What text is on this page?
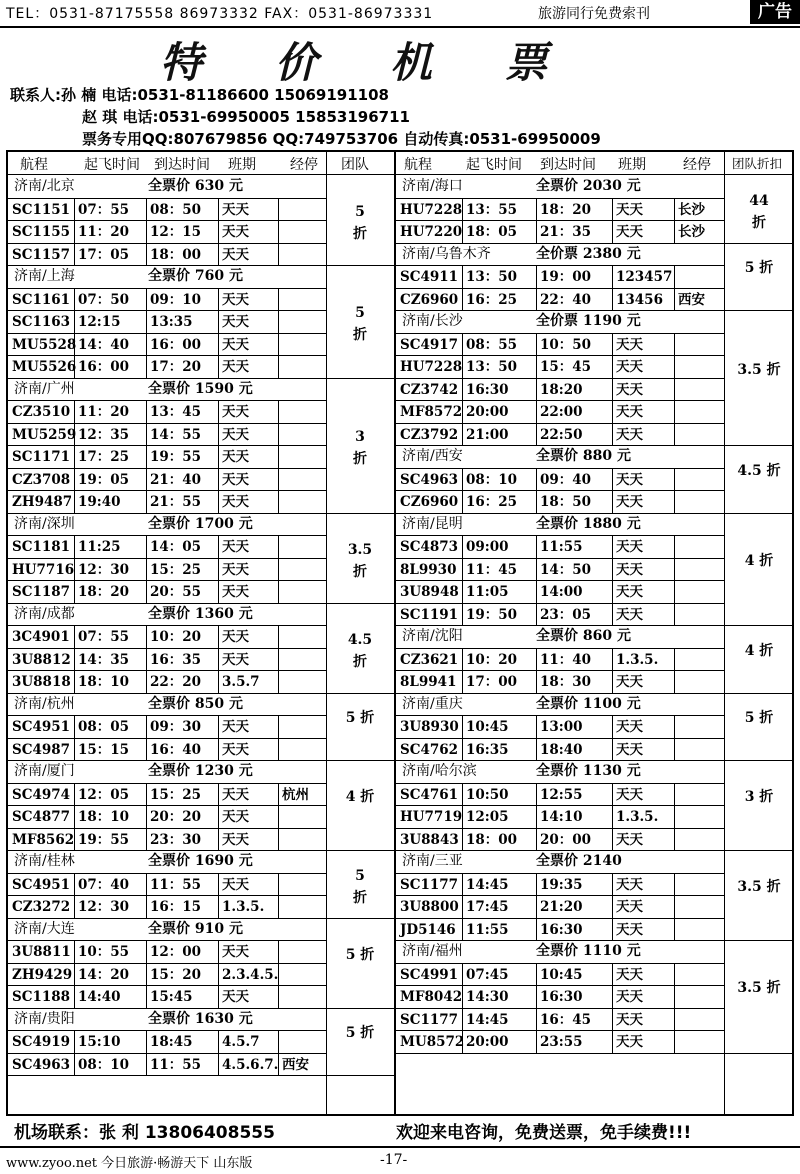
TEL：0531-87175558 86973332 FAX：0531-86973331	旅游同行免费索刊	广告
特 价 机 票
联系人:孙 楠 电话:0531-81186600 15069191108
赵 琪 电话:0531-69950005 15853196711
票务专用QQ:807679856 QQ:749753706 自动传真:0531-69950009
航程	起飞时间 到达时间 班期 经停 团队	航程 起飞时间 到达时间 班期	经停 团队折扣
济南/北京	全票价 630 元
SC1151 07：55 08：50 天天
SC1155 11：20 12：15 天天
SC1157 17：05 18：00 天天
5
折
济南/上海	全票价 760 元
SC1161 07：50 09：10 天天
SC1163 12:15 13:35 天天
MU5528 14：40 16：00 天天
MU5526 16：00 17：20 天天
5
折
济南/广州	全票价 1590 元
CZ3510 11：20 13：45 天天
MU5259 12：35 14：55 天天
SC1171 17：25 19：55 天天
CZ3708 19：05 21：40 天天
ZH9487 19:40 21：55 天天
3
折
济南/深圳	全票价 1700 元
SC1181 11:25 14：05 天天
HU7716 12：30 15：25 天天
SC1187 18：20 20：55 天天
3.5
折
济南/成都	全票价 1360 元
3C4901 07：55 10：20 天天
3U8812 14：35 16：35 天天
3U8818 18：10 22：20 3.5.7
4.5
折
济南/杭州	全票价 850 元
SC4951 08：05 09：30 天天
SC4987 15：15 16：40 天天
5 折
济南/厦门	全票价 1230 元
SC4974 12：05 15：25 天天 杭州
SC4877 18：10 20：20 天天
MF8562 19：55 23：30 天天
4 折
济南/桂林	全票价 1690 元
SC4951 07：40 11：55 天天
CZ3272 12：30 16：15 1.3.5.
5
折
济南/大连	全票价 910 元
3U8811 10：55 12：00 天天
ZH9429 14：20 15：20 2.3.4.5.
SC1188 14:40 15:45 天天
5 折
济南/贵阳	全票价 1630 元
SC4919 15:10 18:45 4.5.7
SC4963 08：10 11：55 4.5.6.7. 西安
5 折
济南/海口	全票价 2030 元
HU7228 13：55 18：20 天天	长沙
HU7220 18：05 21：35 天天	长沙
44
折
济南/乌鲁木齐	全价票 2380 元
SC4911 13：50 19：00 123457
CZ6960 16：25 22：40 13456 西安
5 折
济南/长沙	全价票 1190 元
SC4917 08：55 10：50 天天
HU7228 13：50 15：45 天天
CZ3742 16:30 18:20 天天
MF8572 20:00 22:00 天天
CZ3792 21:00 22:50 天天
3.5 折
济南/西安	全票价 880 元
SC4963 08：10 09：40 天天
CZ6960 16：25 18：50 天天
4.5 折
济南/昆明	全票价 1880 元
SC4873 09:00 11:55 天天
8L9930 11：45 14：50 天天
3U8948 11:05 14:00 天天
SC1191 19：50 23：05 天天
4 折
济南/沈阳	全票价 860 元
CZ3621 10：20 11：40 1.3.5.
8L9941 17：00 18：30 天天
4 折
济南/重庆	全票价 1100 元
3U8930 10:45 13:00 天天
SC4762 16:35 18:40 天天
5 折
济南/哈尔滨	全票价 1130 元
SC4761 10:50 12:55 天天
HU7719 12:05 14:10 1.3.5.
3U8843 18：00 20：00 天天
3 折
济南/三亚	全票价 2140
SC1177 14:45 19:35 天天
3U8800 17:45 21:20 天天
JD5146 11:55 16:30 天天
3.5 折
济南/福州	全票价 1110 元
SC4991 07:45 10:45 天天
MF8042 14:30 16:30 天天
SC1177 14:45 16：45 天天
MU8572 20:00 23:55 天天
3.5 折
机场联系：张 利 13806408555	欢迎来电咨询，免费送票，免手续费!!!
www.zyoo.net 今日旅游·畅游天下 山东版	-17-
